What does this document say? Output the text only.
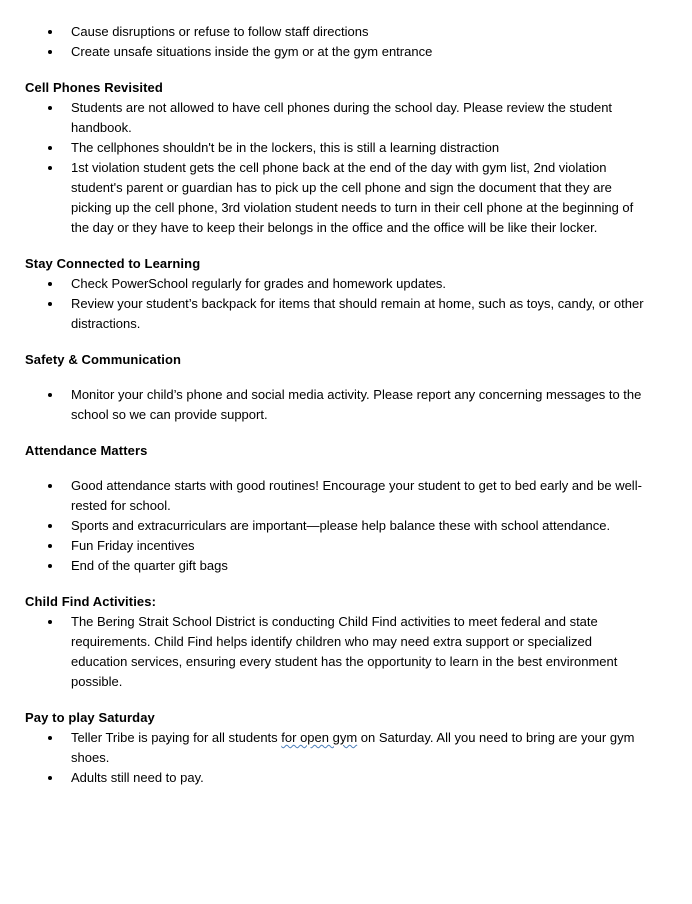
Cause disruptions or refuse to follow staff directions
Create unsafe situations inside the gym or at the gym entrance
Cell Phones Revisited
Students are not allowed to have cell phones during the school day. Please review the student handbook.
The cellphones shouldn't be in the lockers, this is still a learning distraction
1st violation student gets the cell phone back at the end of the day with gym list, 2nd violation student's parent or guardian has to pick up the cell phone and sign the document that they are picking up the cell phone, 3rd violation student needs to turn in their cell phone at the beginning of the day or they have to keep their belongs in the office and the office will be like their locker.
Stay Connected to Learning
Check PowerSchool regularly for grades and homework updates.
Review your student’s backpack for items that should remain at home, such as toys, candy, or other distractions.
Safety & Communication
Monitor your child’s phone and social media activity. Please report any concerning messages to the school so we can provide support.
Attendance Matters
Good attendance starts with good routines! Encourage your student to get to bed early and be well-rested for school.
Sports and extracurriculars are important—please help balance these with school attendance.
Fun Friday incentives
End of the quarter gift bags
Child Find Activities:
The Bering Strait School District is conducting Child Find activities to meet federal and state requirements. Child Find helps identify children who may need extra support or specialized education services, ensuring every student has the opportunity to learn in the best environment possible.
Pay to play Saturday
Teller Tribe is paying for all students for open gym on Saturday. All you need to bring are your gym shoes.
Adults still need to pay.
